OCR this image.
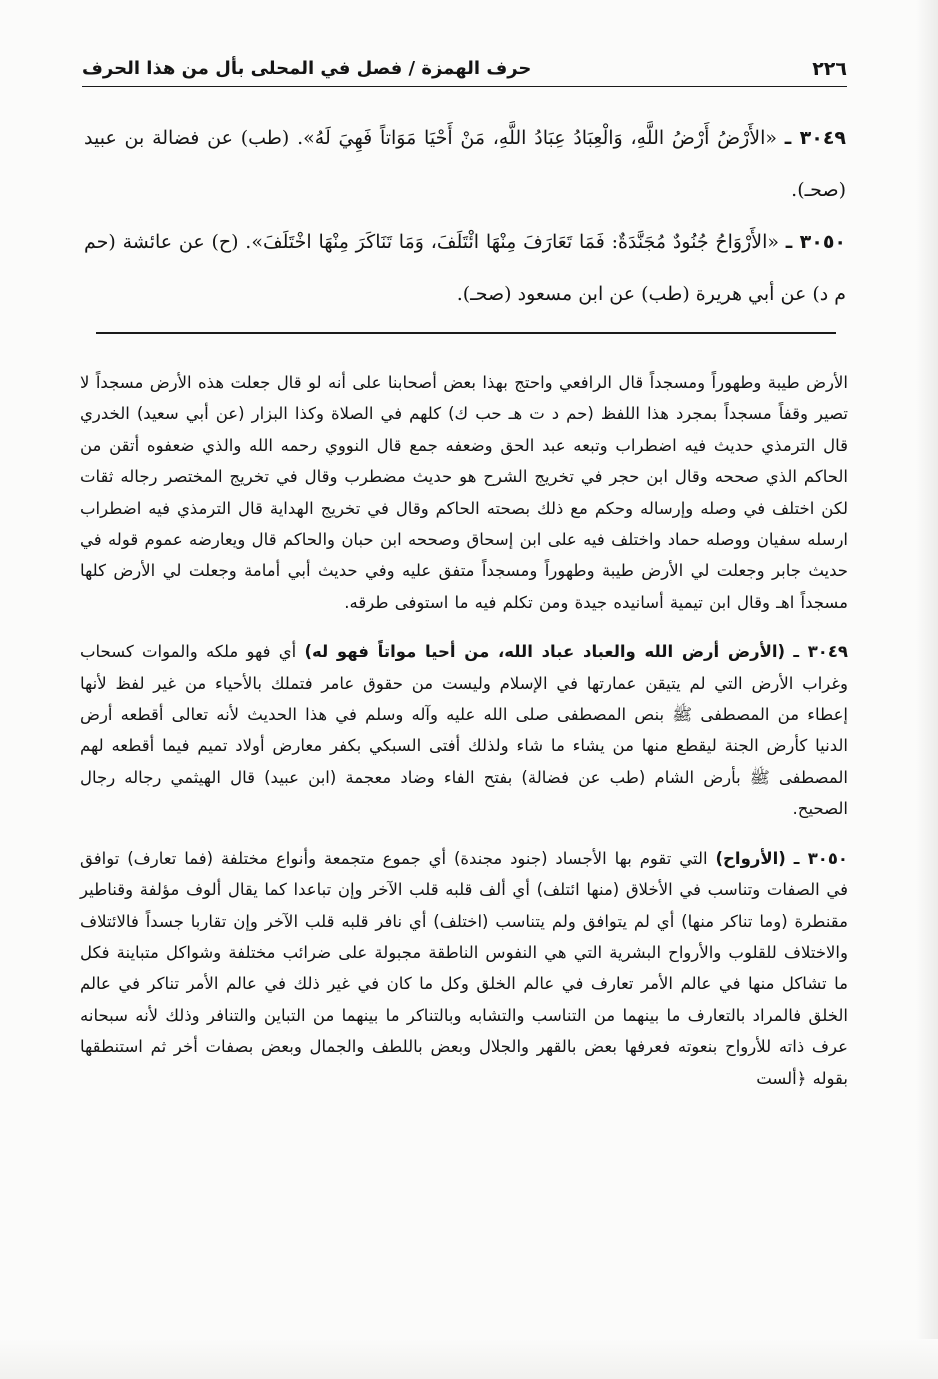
٢٢٦
حرف الهمزة / فصل في المحلى بأل من هذا الحرف

٣٠٤٩ ـ «الأَرْضُ أَرْضُ اللَّهِ، وَالْعِبَادُ عِبَادُ اللَّهِ، مَنْ أَحْيَا مَوَاتاً فَهِيَ لَهُ». (طب) عن فضالة بن عبيد (صحـ).

٣٠٥٠ ـ «الأَرْوَاحُ جُنُودٌ مُجَنَّدَةٌ: فَمَا تَعَارَفَ مِنْهَا ائْتَلَفَ، وَمَا تَنَاكَرَ مِنْهَا اخْتَلَفَ». (ح) عن عائشة (حم م د) عن أبي هريرة (طب) عن ابن مسعود (صحـ).

الأرض طيبة وطهوراً ومسجداً قال الرافعي واحتج بهذا بعض أصحابنا على أنه لو قال جعلت هذه الأرض مسجداً لا تصير وقفاً مسجداً بمجرد هذا اللفظ (حم د ت هـ حب ك) كلهم في الصلاة وكذا البزار (عن أبي سعيد) الخدري قال الترمذي حديث فيه اضطراب وتبعه عبد الحق وضعفه جمع قال النووي رحمه الله والذي ضعفوه أتقن من الحاكم الذي صححه وقال ابن حجر في تخريج الشرح هو حديث مضطرب وقال في تخريج المختصر رجاله ثقات لكن اختلف في وصله وإرساله وحكم مع ذلك بصحته الحاكم وقال في تخريج الهداية قال الترمذي فيه اضطراب ارسله سفيان ووصله حماد واختلف فيه على ابن إسحاق وصححه ابن حبان والحاكم قال ويعارضه عموم قوله في حديث جابر وجعلت لي الأرض طيبة وطهوراً ومسجداً متفق عليه وفي حديث أبي أمامة وجعلت لي الأرض كلها مسجداً اهـ وقال ابن تيمية أسانيده جيدة ومن تكلم فيه ما استوفى طرقه.

٣٠٤٩ ـ (الأرض أرض الله والعباد عباد الله، من أحيا مواتاً فهو له) أي فهو ملكه والموات كسحاب وغراب الأرض التي لم يتيقن عمارتها في الإسلام وليست من حقوق عامر فتملك بالأحياء من غير لفظ لأنها إعطاء من المصطفى ﷺ بنص المصطفى صلى الله عليه وآله وسلم في هذا الحديث لأنه تعالى أقطعه أرض الدنيا كأرض الجنة ليقطع منها من يشاء ما شاء ولذلك أفتى السبكي بكفر معارض أولاد تميم فيما أقطعه لهم المصطفى ﷺ بأرض الشام (طب عن فضالة) بفتح الفاء وضاد معجمة (ابن عبيد) قال الهيثمي رجاله رجال الصحيح.

٣٠٥٠ ـ (الأرواح) التي تقوم بها الأجساد (جنود مجندة) أي جموع متجمعة وأنواع مختلفة (فما تعارف) توافق في الصفات وتناسب في الأخلاق (منها ائتلف) أي ألف قلبه قلب الآخر وإن تباعدا كما يقال ألوف مؤلفة وقناطير مقنطرة (وما تناكر منها) أي لم يتوافق ولم يتناسب (اختلف) أي نافر قلبه قلب الآخر وإن تقاربا جسداً فالائتلاف والاختلاف للقلوب والأرواح البشرية التي هي النفوس الناطقة مجبولة على ضرائب مختلفة وشواكل متباينة فكل ما تشاكل منها في عالم الأمر تعارف في عالم الخلق وكل ما كان في غير ذلك في عالم الأمر تناكر في عالم الخلق فالمراد بالتعارف ما بينهما من التناسب والتشابه وبالتناكر ما بينهما من التباين والتنافر وذلك لأنه سبحانه عرف ذاته للأرواح بنعوته فعرفها بعض بالقهر والجلال وبعض باللطف والجمال وبعض بصفات أخر ثم استنطقها بقوله ﴿ألست
